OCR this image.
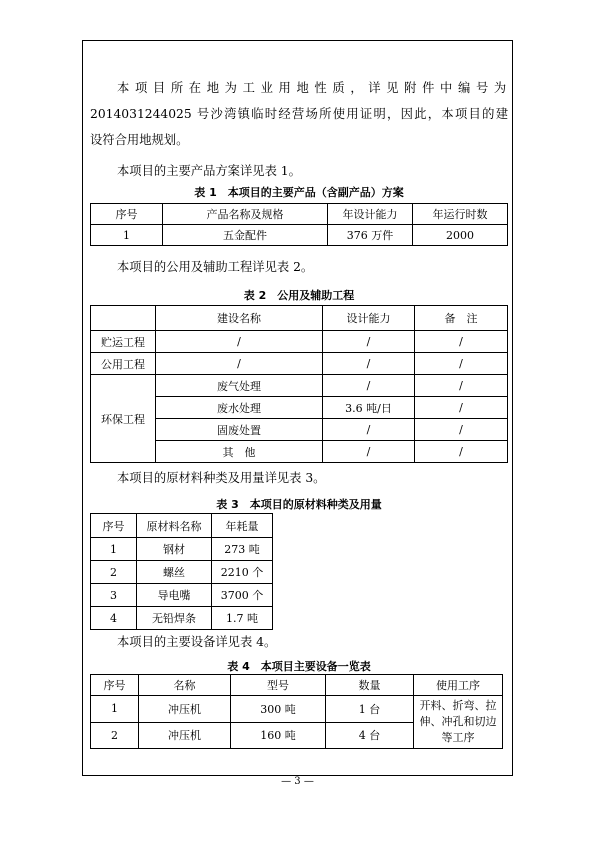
本项目所在地为工业用地性质，详见附件中编号为
2014031244025 号沙湾镇临时经营场所使用证明，因此，本项目的建
设符合用地规划。
本项目的主要产品方案详见表 1。
表 1　本项目的主要产品（含副产品）方案
序号	产品名称及规格	年设计能力	年运行时数
1	五金配件	376 万件	2000
本项目的公用及辅助工程详见表 2。
表 2　公用及辅助工程
	建设名称	设计能力	备　注
贮运工程	/	/	/
公用工程	/	/	/
环保工程	废气处理	/	/
	废水处理	3.6 吨/日	/
	固废处置	/	/
	其　他	/	/
本项目的原材料种类及用量详见表 3。
表 3　本项目的原材料种类及用量
序号	原材料名称	年耗量
1	钢材	273 吨
2	螺丝	2210 个
3	导电嘴	3700 个
4	无铅焊条	1.7 吨
本项目的主要设备详见表 4。
表 4　本项目主要设备一览表
序号	名称	型号	数量	使用工序
1	冲压机	300 吨	1 台	开料、折弯、拉伸、冲孔和切边等工序
2	冲压机	160 吨	4 台	
— 3 —
